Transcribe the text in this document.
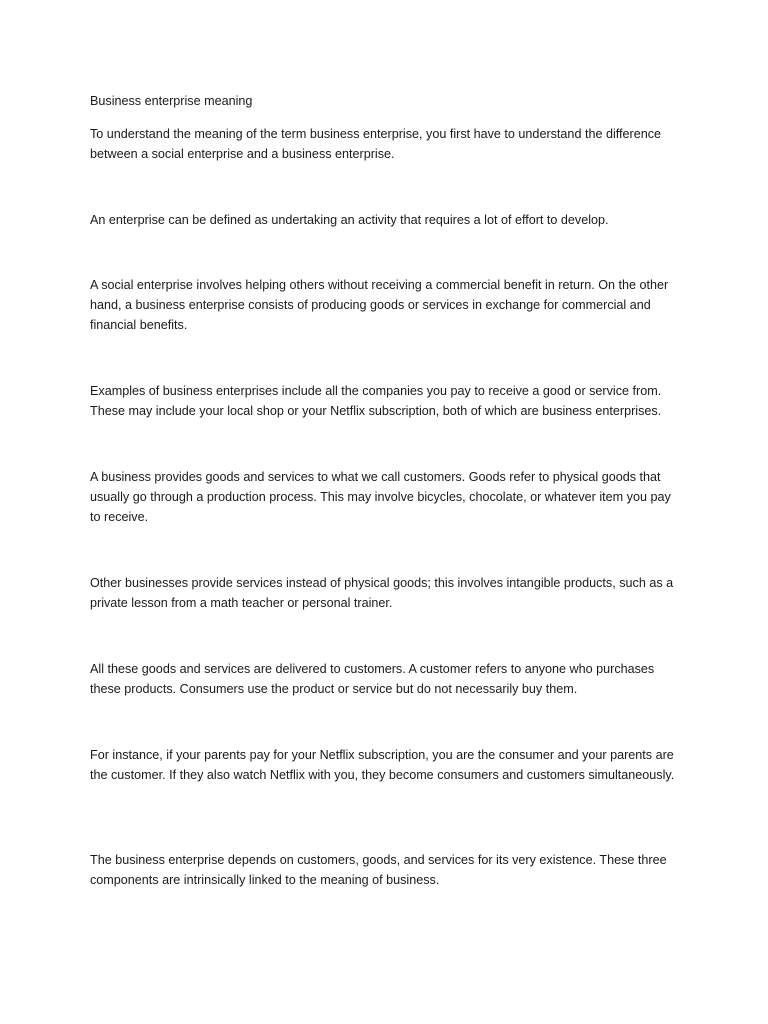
Business enterprise meaning

To understand the meaning of the term business enterprise, you first have to understand the difference between a social enterprise and a business enterprise.

An enterprise can be defined as undertaking an activity that requires a lot of effort to develop.

A social enterprise involves helping others without receiving a commercial benefit in return. On the other hand, a business enterprise consists of producing goods or services in exchange for commercial and financial benefits.

Examples of business enterprises include all the companies you pay to receive a good or service from. These may include your local shop or your Netflix subscription, both of which are business enterprises.

A business provides goods and services to what we call customers. Goods refer to physical goods that usually go through a production process. This may involve bicycles, chocolate, or whatever item you pay to receive.

Other businesses provide services instead of physical goods; this involves intangible products, such as a private lesson from a math teacher or personal trainer.

All these goods and services are delivered to customers. A customer refers to anyone who purchases these products. Consumers use the product or service but do not necessarily buy them.

For instance, if your parents pay for your Netflix subscription, you are the consumer and your parents are the customer. If they also watch Netflix with you, they become consumers and customers simultaneously.

The business enterprise depends on customers, goods, and services for its very existence. These three components are intrinsically linked to the meaning of business.
